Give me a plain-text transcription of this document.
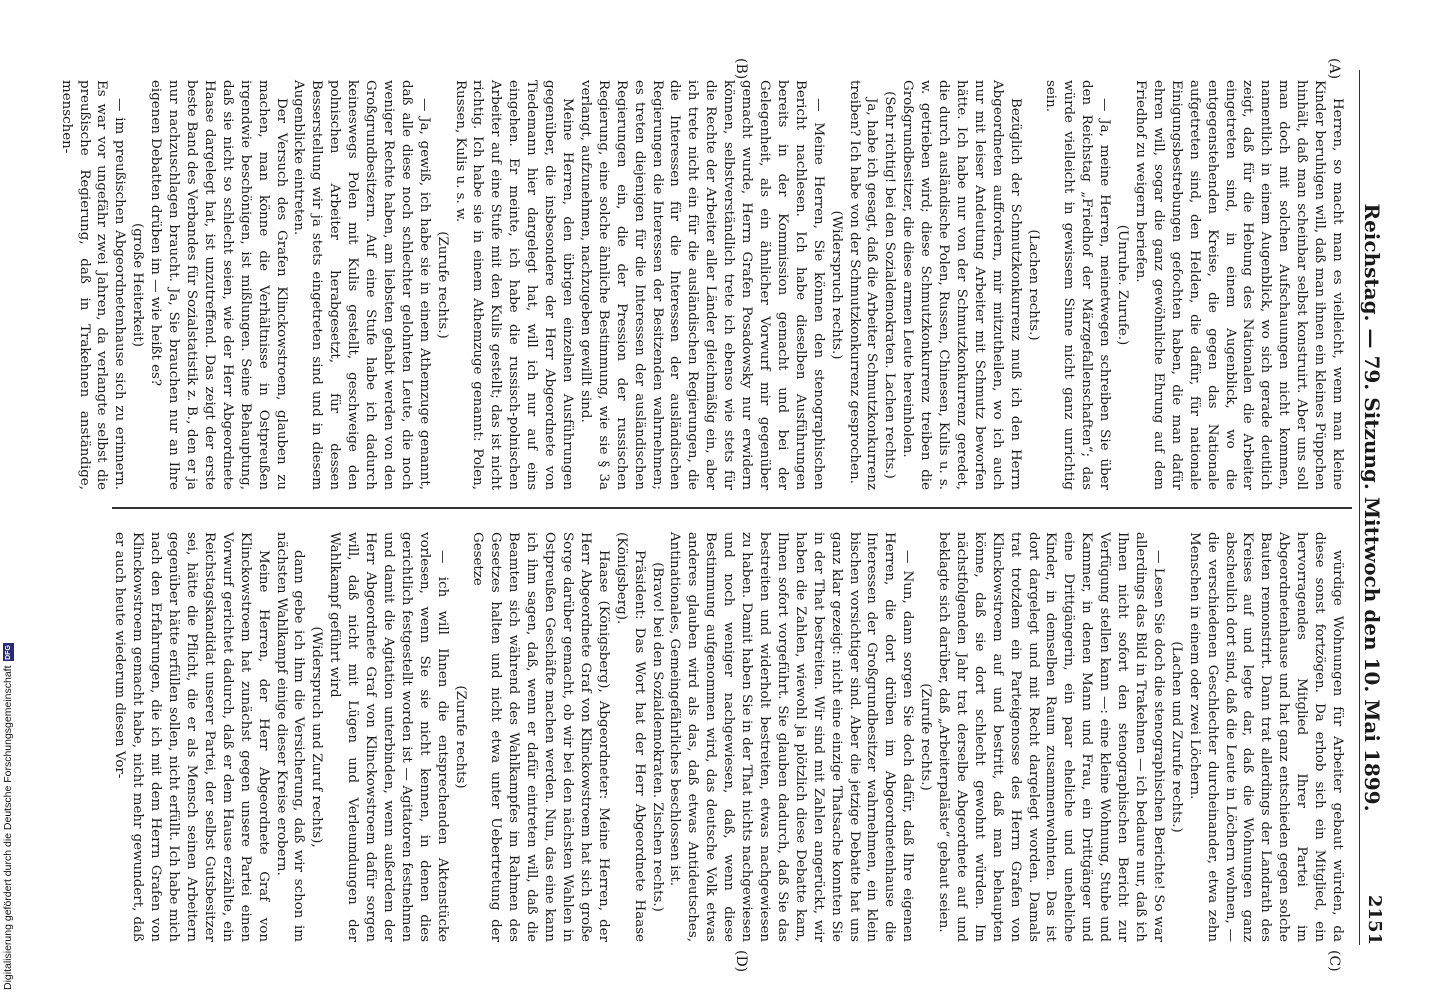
Reichstag. — 79. Sitzung. Mittwoch den 10. Mai 1899.
2151
(A)
(B)
(C)
(D)

Herren, so macht man es vielleicht, wenn man kleine Kinder beruhigen will, daß man ihnen ein kleines Püppchen hinhält, daß man scheinbar selbst konstruirt. Aber uns soll man doch mit solchen Aufschauungen nicht kommen, namentlich in einem Augenblick, wo sich gerade deutlich zeigt, daß für die Hebung des Nationalen die Arbeiter eingetreten sind, in einem Augenblick, wo die entgegenstehenden Kreise, die gegen das Nationale aufgetreten sind, den Helden, die dafür, für nationale Einigungsbestrebungen gefochten haben, die man dafür ehren will, sogar die ganz gewöhnliche Ehrung auf dem Friedhof zu weigern beriefen.

(Unruhe. Zurufe.)

— Ja, meine Herren, meinetwegen schreiben Sie über den Reichstag „Friedhof der Märzgefallenschaften“; das würde vielleicht in gewissem Sinne nicht ganz unrichtig sein.

(Lachen rechts.)

Bezüglich der Schmutzkonkurrenz muß ich den Herrn Abgeordneten auffordern, mir mitzutheilen, wo ich auch nur mit leiser Andeutung Arbeiter mit Schmutz beworfen hätte. Ich habe nur von der Schmutzkonkurrenz geredet, die durch ausländische Polen, Russen, Chinesen, Kulis u. s. w. getrieben wird; diese Schmutzkonkurrenz treiben die Großgrundbesitzer, die diese armen Leute hereinholen.

(Sehr richtig! bei den Sozialdemokraten. Lachen rechts.)

Ja, habe ich gesagt, daß die Arbeiter Schmutzkonkurrenz treiben? Ich habe von der Schmutzkonkurrenz gesprochen.

(Widerspruch rechts.)

— Meine Herren, Sie können den stenographischen Bericht nachlesen. Ich habe dieselben Ausführungen bereits in der Kommission gemacht und bei der Gelegenheit, als ein ähnlicher Vorwurf mir gegenüber gemacht wurde, Herrn Grafen Posadowsky nur erwidern können, selbstverständlich trete ich ebenso wie stets für die Rechte der Arbeiter aller Länder gleichmäßig ein, aber ich trete nicht ein für die ausländischen Regierungen, die die Interessen für die Interessen der ausländischen Regierungen die Interessen der Besitzenden wahrnehmen; es treten diejenigen für die Interessen der ausländischen Regierungen ein, die der Pression der russischen Regierung, eine solche ähnliche Bestimmung, wie sie § 3a verlangt, aufzunehmen, nachzugeben gewillt sind.

Meine Herren, den übrigen einzelnen Ausführungen gegenüber, die insbesondere der Herr Abgeordnete von Tiedemann hier dargelegt hat, will ich nur auf eins eingehen. Er meinte, ich habe die russisch-polnischen Arbeiter auf eine Stufe mit den Kulis gestellt; das ist nicht richtig. Ich habe sie in einem Athemzuge genannt: Polen, Russen, Kulis u. s. w.

(Zurufe rechts.)

— Ja, gewiß, ich habe sie in einem Athemzuge genannt, daß alle diese noch schlechter gelohnten Leute, die noch weniger Rechte haben, am liebsten gehabt werden von den Großgrundbesitzern. Auf eine Stufe habe ich dadurch keineswegs Polen mit Kulis gestellt, geschweige den polnischen Arbeiter herabgesetzt, für dessen Besserstellung wir ja stets eingetreten sind und in diesem Augenblicke eintreten.

Der Versuch des Grafen Klinckowstroem, glauben zu machen, man könne die Verhältnisse in Ostpreußen irgendwie beschönigen, ist mißlungen. Seine Behauptung, daß sie nicht so schlecht seien, wie der Herr Abgeordnete Haase dargelegt hat, ist unzutreffend. Das zeigt der erste beste Band des Verbandes für Sozialstatistik z. B., den er ja nur nachzuschlagen braucht. Ja, Sie brauchen nur an Ihre eigenen Debatten drüben im — wie heißt es?

(große Heiterkeit)

— im preußischen Abgeordnetenhause sich zu erinnern. Es war vor ungefähr zwei Jahren, da verlangte selbst die preußische Regierung, daß in Trakehnen anständige, menschen-

würdige Wohnungen für Arbeiter gebaut würden, da diese sonst fortzögen. Da erhob sich ein Mitglied, ein hervorragendes Mitglied Ihrer Partei im Abgeordnetenhause und hat ganz entschieden gegen solche Bauten remonstrirt. Dann trat allerdings der Landrath des Kreises auf und legte dar, daß die Wohnungen ganz abscheulich dort sind, daß die Leute in Löchern wohnen, — die verschiedenen Geschlechter durcheinander, etwa zehn Menschen in einem oder zwei Löchern.

(Lachen und Zurufe rechts.)

— Lesen Sie doch die stenographischen Berichte! So war allerdings das Bild in Trakehnen — ich bedaure nur, daß ich Ihnen nicht sofort den stenographischen Bericht zur Verfügung stellen kann —: eine kleine Wohnung, Stube und Kammer, in denen Mann und Frau, ein Drittgänger und eine Drittgängerin, ein paar eheliche und uneheliche Kinder, in demselben Raum zusammenwohnten. Das ist dort dargelegt und mit Recht dargelegt worden. Damals trat trotzdem ein Parteigenosse des Herrn Grafen von Klinckowstroem auf und bestritt, daß man behaupten könne, daß sie dort schlecht gewohnt würden. Im nächstfolgenden Jahr trat derselbe Abgeordnete auf und beklagte sich darüber, daß „Arbeiterpaläste“ gebaut seien.

(Zurufe rechts.)

— Nun, dann sorgen Sie doch dafür, daß Ihre eigenen Herren, die dort drüben im Abgeordnetenhause die Interessen der Großgrundbesitzer wahrnehmen, ein klein bischen vorsichtiger sind. Aber die jetzige Debatte hat uns ganz klar gezeigt: nicht eine einzige Thatsache konnten Sie in der That bestreiten. Wir sind mit Zahlen angerückt, wir haben die Zahlen, wiewohl ja plötzlich diese Debatte kam, Ihnen sofort vorgeführt. Sie glauben dadurch, daß Sie das bestreiten und widerholt bestreiten, etwas nachgewiesen zu haben. Damit haben Sie in der That nichts nachgewiesen und noch weniger nachgewiesen, daß, wenn diese Bestimmung aufgenommen wird, das deutsche Volk etwas anderes glauben wird als das, daß etwas Antideutsches, Antinationales, Gemeingefährliches beschlossen ist.

(Bravo! bei den Sozialdemokraten. Zischen rechts.)

Präsident: Das Wort hat der Herr Abgeordnete Haase (Königsberg).

Haase (Königsberg), Abgeordneter: Meine Herren, der Herr Abgeordnete Graf von Klinckowstroem hat sich große Sorge darüber gemacht, ob wir bei den nächsten Wahlen in Ostpreußen Geschäfte machen werden. Nun, das eine kann ich ihm sagen, daß, wenn er dafür eintreten will, daß die Beamten sich während des Wahlkampfes im Rahmen des Gesetzes halten und nicht etwa unter Uebertretung der Gesetze

(Zurufe rechts)

— ich will Ihnen die entsprechenden Aktenstücke vorlesen, wenn Sie sie nicht kennen, in denen dies gerichtlich festgestellt worden ist — Agitatoren festnehmen und damit die Agitation unterbinden, wenn außerdem der Herr Abgeordnete Graf von Klinckowstroem dafür sorgen will, daß nicht mit Lügen und Verleumdungen der Wahlkampf geführt wird

(Widerspruch und Zuruf rechts),

dann gebe ich ihm die Versicherung, daß wir schon im nächsten Wahlkampf einige dieser Kreise erobern.

Meine Herren, der Herr Abgeordnete Graf von Klinckowstroem hat zunächst gegen unsere Partei einen Vorwurf gerichtet dadurch, daß er dem Hause erzählte, ein Reichstagskandidat unserer Partei, der selbst Gutsbesitzer sei, hätte die Pflicht, die er als Mensch seinen Arbeitern gegenüber hätte erfüllen sollen, nicht erfüllt. Ich habe mich nach den Erfahrungen, die ich mit dem Herrn Grafen von Klinckowstroem gemacht habe, nicht mehr gewundert, daß er auch heute wiederum diesen Vor-

Digitalisierung gefördert durch die Deutsche Forschungsgemeinschaft
DFG
